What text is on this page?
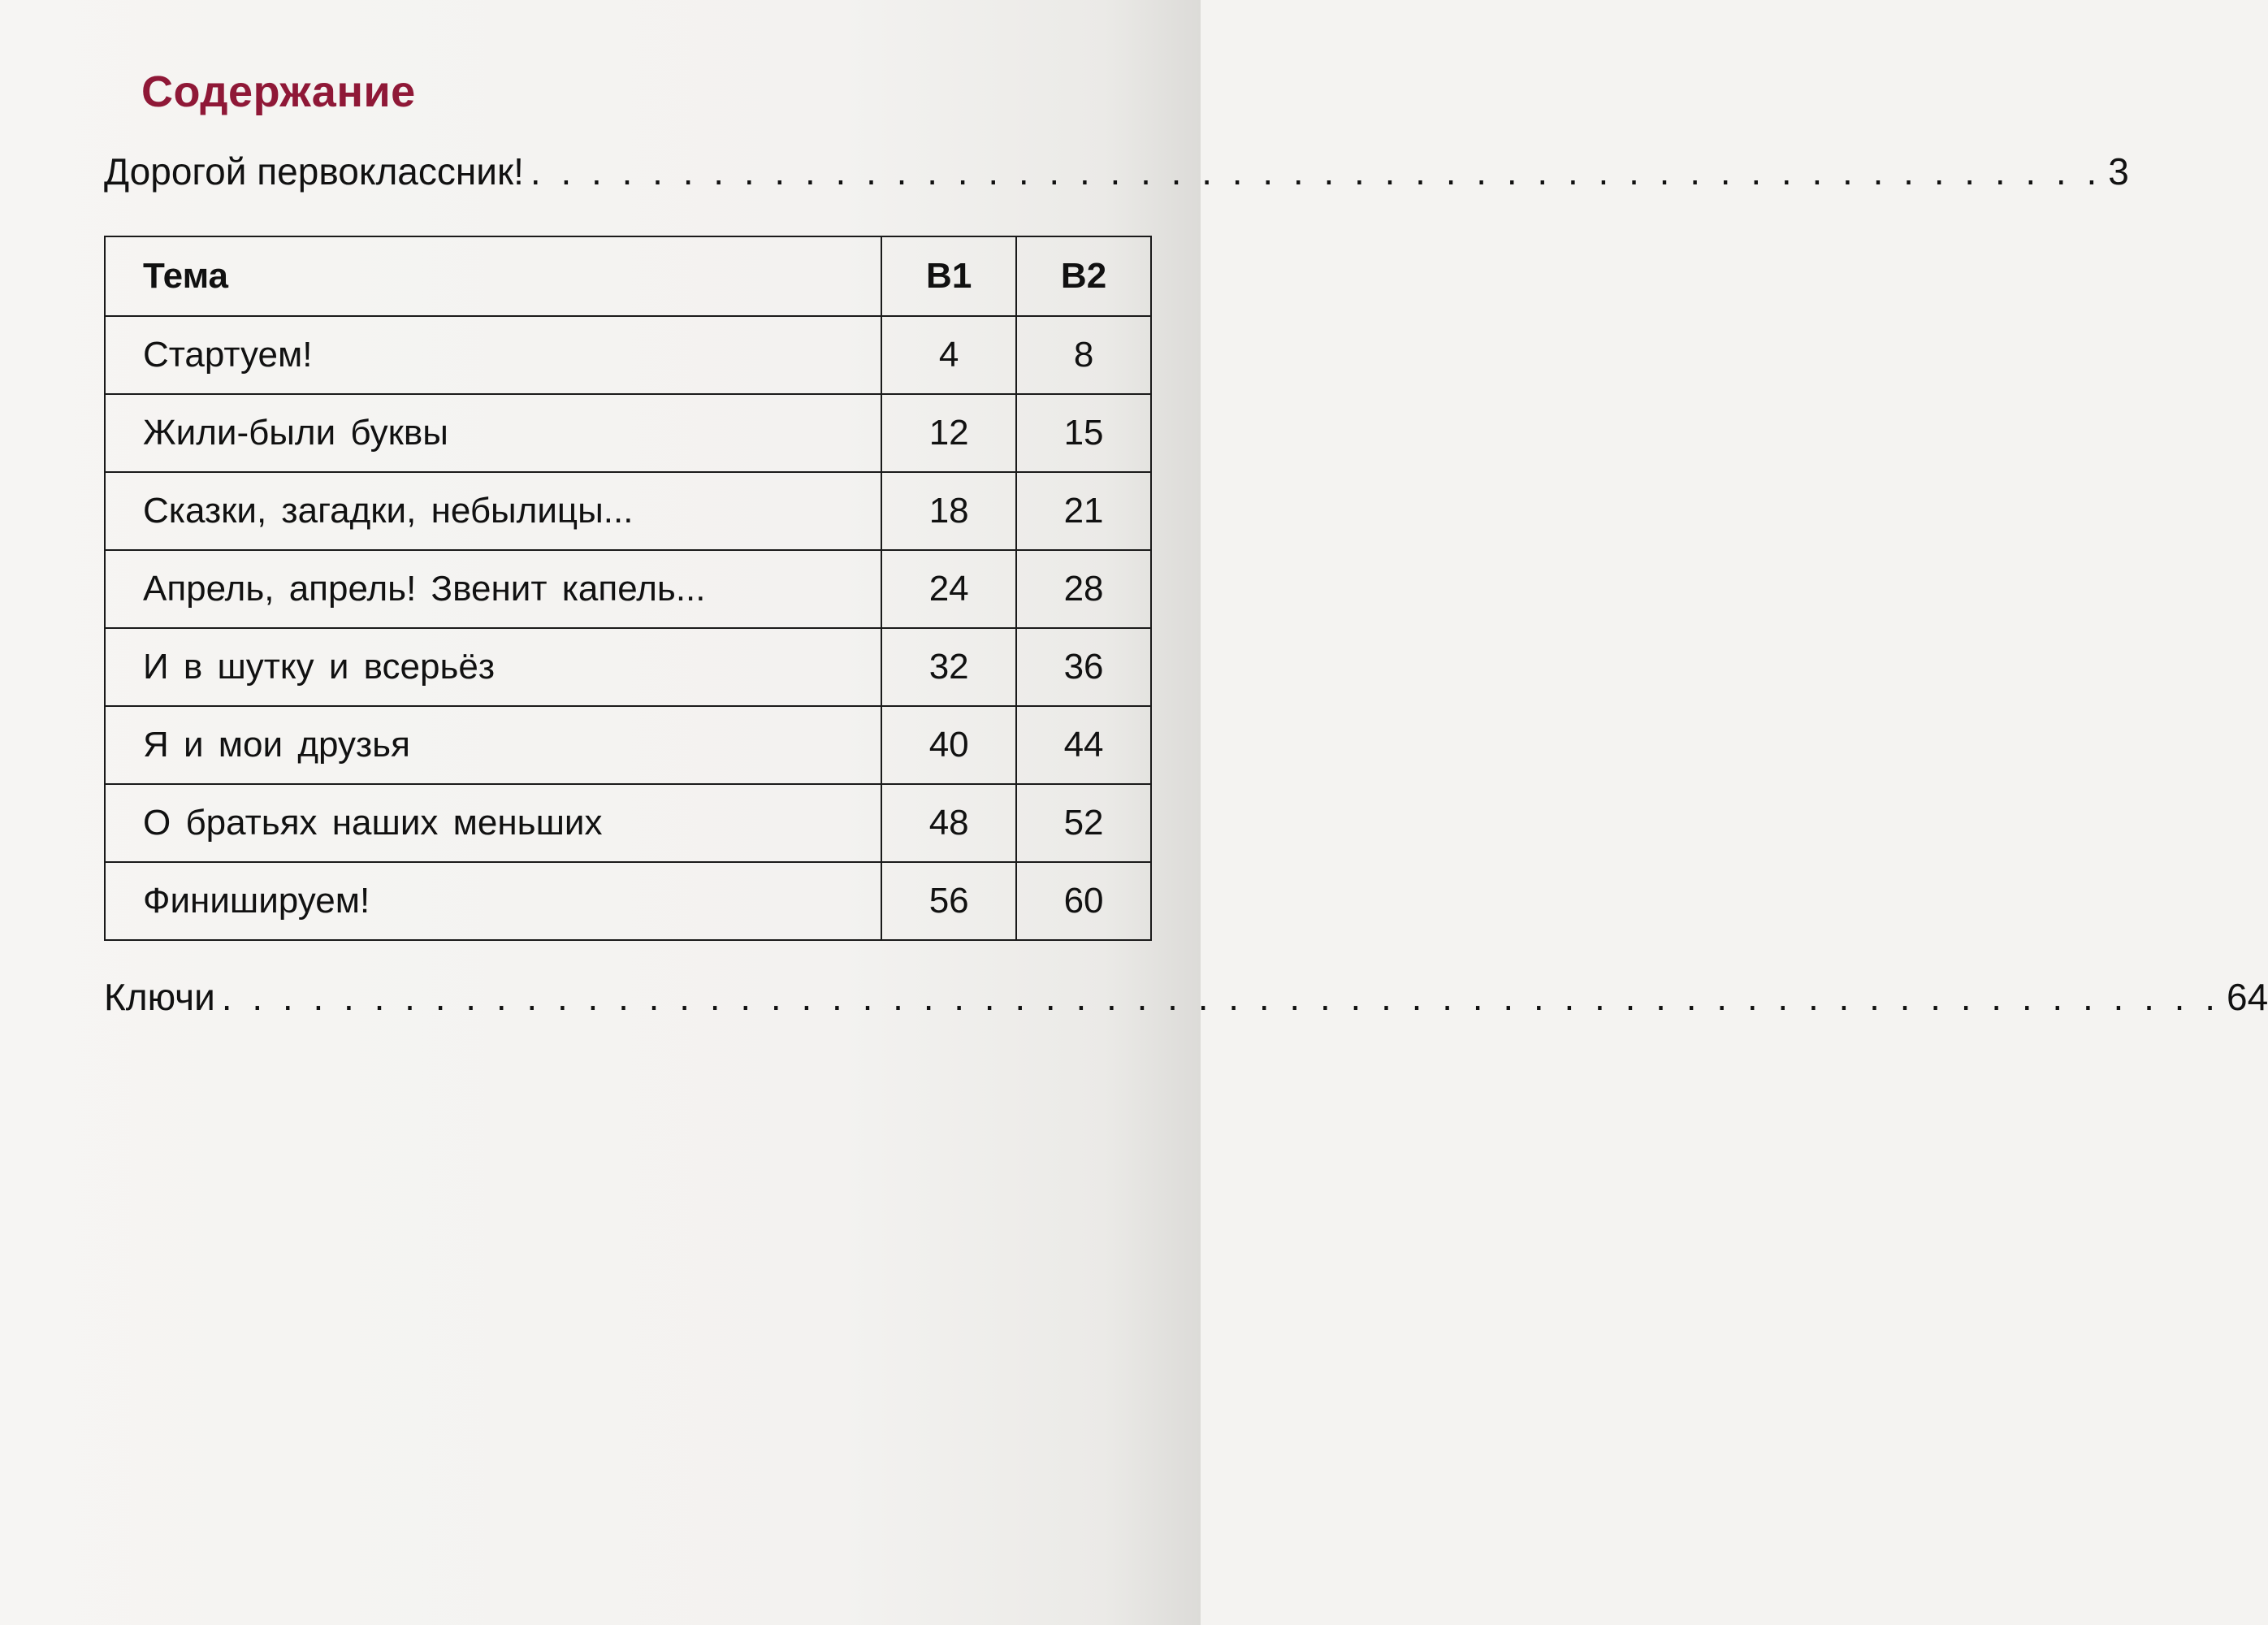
Содержание
Дорогой первоклассник! . . . . . . . . . . . . . . . . . . . . . . . . . . . . . . . . . . . . . . . . . . . . . . . . . . . . 3
Тема	В1	В2
Стартуем!	4	8
Жили-были буквы	12	15
Сказки, загадки, небылицы...	18	21
Апрель, апрель! Звенит капель...	24	28
И в шутку и всерьёз	32	36
Я и мои друзья	40	44
О братьях наших меньших	48	52
Финишируем!	56	60
Ключи . . . . . . . . . . . . . . . . . . . . . . . . . . . . . . . . . . . . . . . . . . . . . . . . . . . . . . . . . . . . . . . . . . 64
